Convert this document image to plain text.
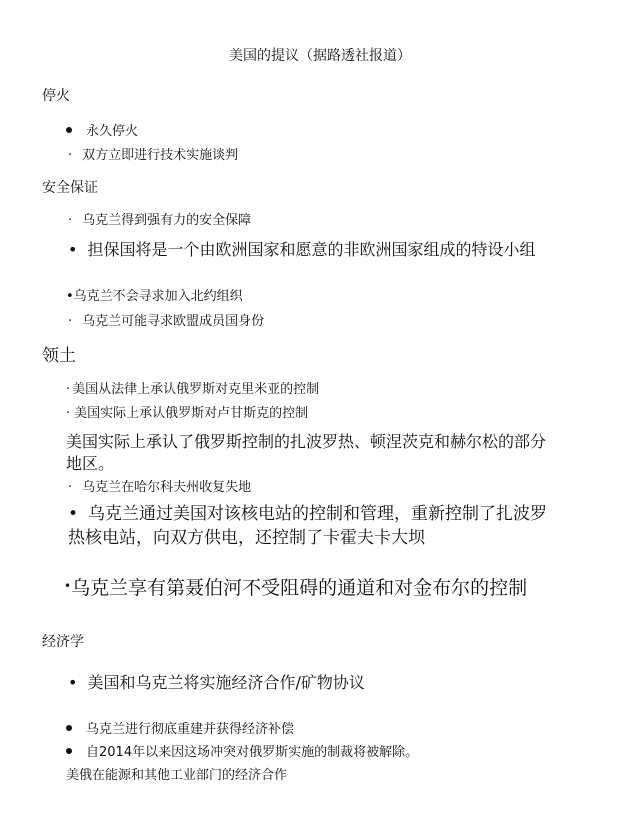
美国的提议（据路透社报道）
停火
永久停火
· 双方立即进行技术实施谈判
安全保证
· 乌克兰得到强有力的安全保障
• 担保国将是一个由欧洲国家和愿意的非欧洲国家组成的特设小组
•乌克兰不会寻求加入北约组织
· 乌克兰可能寻求欧盟成员国身份
领土
· 美国从法律上承认俄罗斯对克里米亚的控制
· 美国实际上承认俄罗斯对卢甘斯克的控制
美国实际上承认了俄罗斯控制的扎波罗热、顿涅茨克和赫尔松的部分
地区。
· 乌克兰在哈尔科夫州收复失地
• 乌克兰通过美国对该核电站的控制和管理，重新控制了扎波罗
热核电站，向双方供电，还控制了卡霍夫卡大坝
•乌克兰享有第聂伯河不受阻碍的通道和对金布尔的控制
经济学
• 美国和乌克兰将实施经济合作/矿物协议
乌克兰进行彻底重建并获得经济补偿
自2014年以来因这场冲突对俄罗斯实施的制裁将被解除。
美俄在能源和其他工业部门的经济合作
